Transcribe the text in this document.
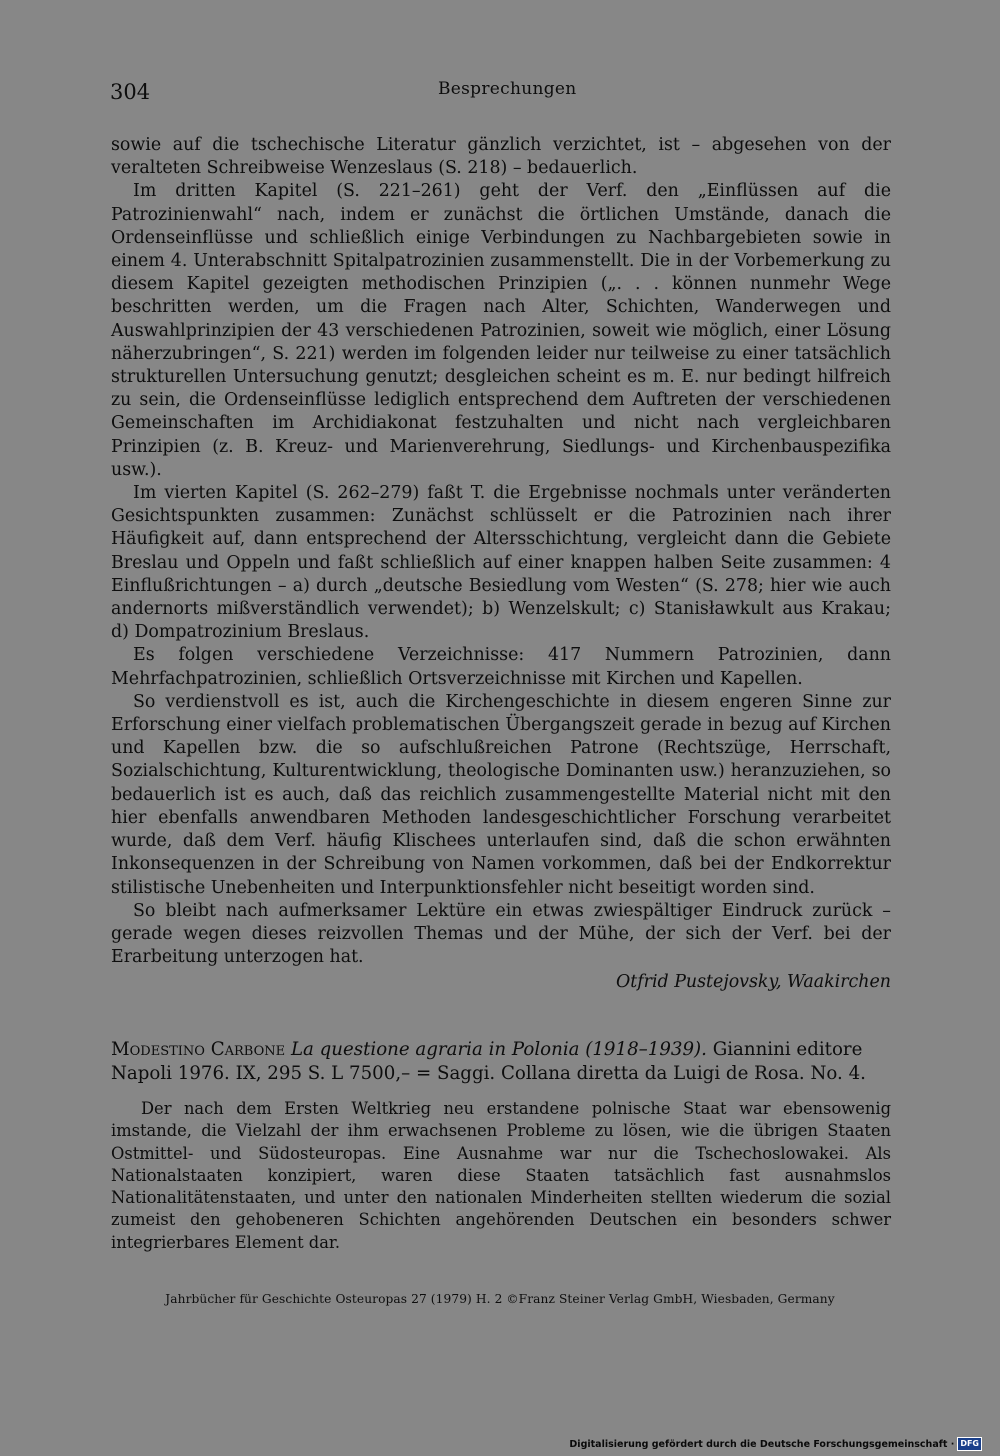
304	Besprechungen

sowie auf die tschechische Literatur gänzlich verzichtet, ist – abgesehen von der veralteten Schreibweise Wenzeslaus (S. 218) – bedauerlich.

Im dritten Kapitel (S. 221–261) geht der Verf. den „Einflüssen auf die Patrozinienwahl“ nach, indem er zunächst die örtlichen Umstände, danach die Ordenseinflüsse und schließlich einige Verbindungen zu Nachbargebieten sowie in einem 4. Unterabschnitt Spitalpatrozinien zusammenstellt. Die in der Vorbemerkung zu diesem Kapitel gezeigten methodischen Prinzipien („. . . können nunmehr Wege beschritten werden, um die Fragen nach Alter, Schichten, Wanderwegen und Auswahlprinzipien der 43 verschiedenen Patrozinien, soweit wie möglich, einer Lösung näherzubringen“, S. 221) werden im folgenden leider nur teilweise zu einer tatsächlich strukturellen Untersuchung genutzt; desgleichen scheint es m. E. nur bedingt hilfreich zu sein, die Ordenseinflüsse lediglich entsprechend dem Auftreten der verschiedenen Gemeinschaften im Archidiakonat festzuhalten und nicht nach vergleichbaren Prinzipien (z. B. Kreuz- und Marienverehrung, Siedlungs- und Kirchenbauspezifika usw.).

Im vierten Kapitel (S. 262–279) faßt T. die Ergebnisse nochmals unter veränderten Gesichtspunkten zusammen: Zunächst schlüsselt er die Patrozinien nach ihrer Häufigkeit auf, dann entsprechend der Altersschichtung, vergleicht dann die Gebiete Breslau und Oppeln und faßt schließlich auf einer knappen halben Seite zusammen: 4 Einflußrichtungen – a) durch „deutsche Besiedlung vom Westen“ (S. 278; hier wie auch andernorts mißverständlich verwendet); b) Wenzelskult; c) Stanisławkult aus Krakau; d) Dompatrozinium Breslaus.

Es folgen verschiedene Verzeichnisse: 417 Nummern Patrozinien, dann Mehrfachpatrozinien, schließlich Ortsverzeichnisse mit Kirchen und Kapellen.

So verdienstvoll es ist, auch die Kirchengeschichte in diesem engeren Sinne zur Erforschung einer vielfach problematischen Übergangszeit gerade in bezug auf Kirchen und Kapellen bzw. die so aufschlußreichen Patrone (Rechtszüge, Herrschaft, Sozialschichtung, Kulturentwicklung, theologische Dominanten usw.) heranzuziehen, so bedauerlich ist es auch, daß das reichlich zusammengestellte Material nicht mit den hier ebenfalls anwendbaren Methoden landesgeschichtlicher Forschung verarbeitet wurde, daß dem Verf. häufig Klischees unterlaufen sind, daß die schon erwähnten Inkonsequenzen in der Schreibung von Namen vorkommen, daß bei der Endkorrektur stilistische Unebenheiten und Interpunktionsfehler nicht beseitigt worden sind.

So bleibt nach aufmerksamer Lektüre ein etwas zwiespältiger Eindruck zurück – gerade wegen dieses reizvollen Themas und der Mühe, der sich der Verf. bei der Erarbeitung unterzogen hat.

Otfrid Pustejovsky, Waakirchen
Modestino Carbone La questione agraria in Polonia (1918–1939). Giannini editore Napoli 1976. IX, 295 S. L 7500,– = Saggi. Collana diretta da Luigi de Rosa. No. 4.

Der nach dem Ersten Weltkrieg neu erstandene polnische Staat war ebensowenig imstande, die Vielzahl der ihm erwachsenen Probleme zu lösen, wie die übrigen Staaten Ostmittel- und Südosteuropas. Eine Ausnahme war nur die Tschechoslowakei. Als Nationalstaaten konzipiert, waren diese Staaten tatsächlich fast ausnahmslos Nationalitätenstaaten, und unter den nationalen Minderheiten stellten wiederum die sozial zumeist den gehobeneren Schichten angehörenden Deutschen ein besonders schwer integrierbares Element dar.

Jahrbücher für Geschichte Osteuropas 27 (1979) H. 2 ©Franz Steiner Verlag GmbH, Wiesbaden, Germany
Digitalisierung gefördert durch die Deutsche Forschungsgemeinschaft · DFG
